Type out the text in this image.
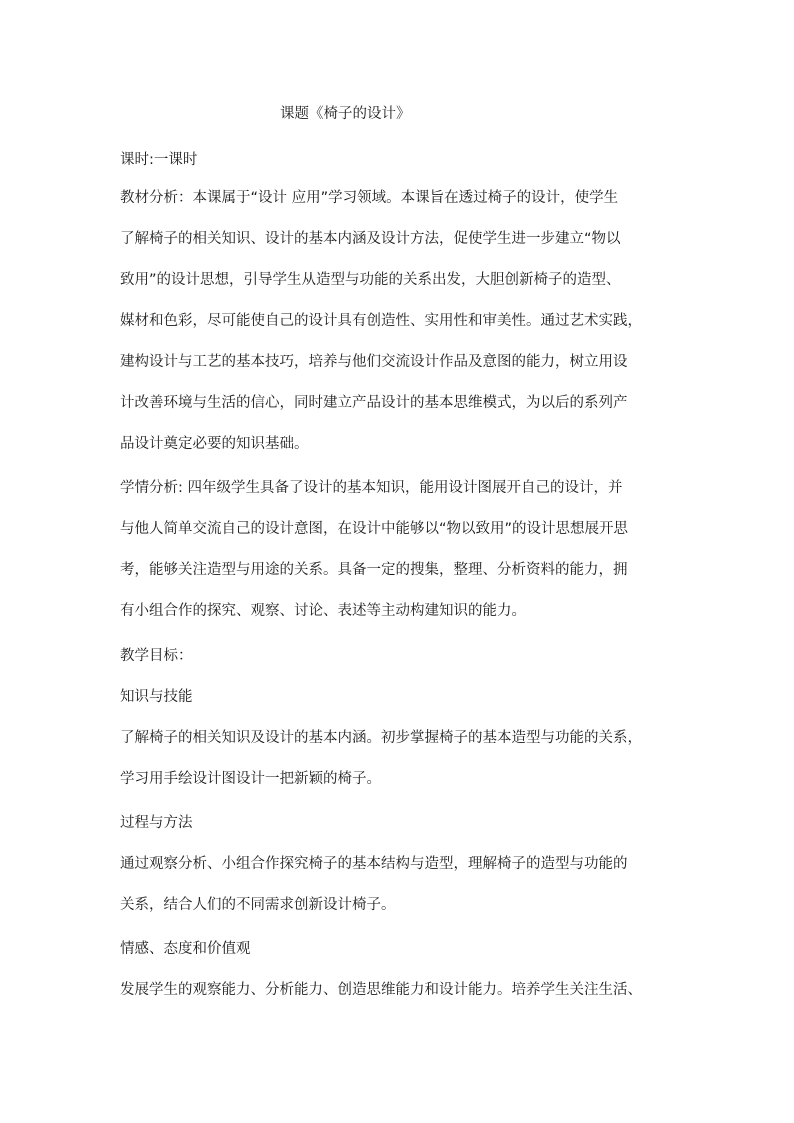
课题《椅子的设计》
课时:一课时
教材分析：本课属于“设计 应用”学习领域。本课旨在透过椅子的设计，使学生
了解椅子的相关知识、设计的基本内涵及设计方法，促使学生进一步建立“物以
致用”的设计思想，引导学生从造型与功能的关系出发，大胆创新椅子的造型、
媒材和色彩，尽可能使自己的设计具有创造性、实用性和审美性。通过艺术实践，
建构设计与工艺的基本技巧，培养与他们交流设计作品及意图的能力，树立用设
计改善环境与生活的信心，同时建立产品设计的基本思维模式，为以后的系列产
品设计奠定必要的知识基础。
学情分析: 四年级学生具备了设计的基本知识，能用设计图展开自己的设计，并
与他人简单交流自己的设计意图，在设计中能够以“物以致用”的设计思想展开思
考，能够关注造型与用途的关系。具备一定的搜集，整理、分析资料的能力，拥
有小组合作的探究、观察、讨论、表述等主动构建知识的能力。
教学目标：
知识与技能
了解椅子的相关知识及设计的基本内涵。初步掌握椅子的基本造型与功能的关系，
学习用手绘设计图设计一把新颖的椅子。
过程与方法
通过观察分析、小组合作探究椅子的基本结构与造型，理解椅子的造型与功能的
关系，结合人们的不同需求创新设计椅子。
情感、态度和价值观
发展学生的观察能力、分析能力、创造思维能力和设计能力。培养学生关注生活、
